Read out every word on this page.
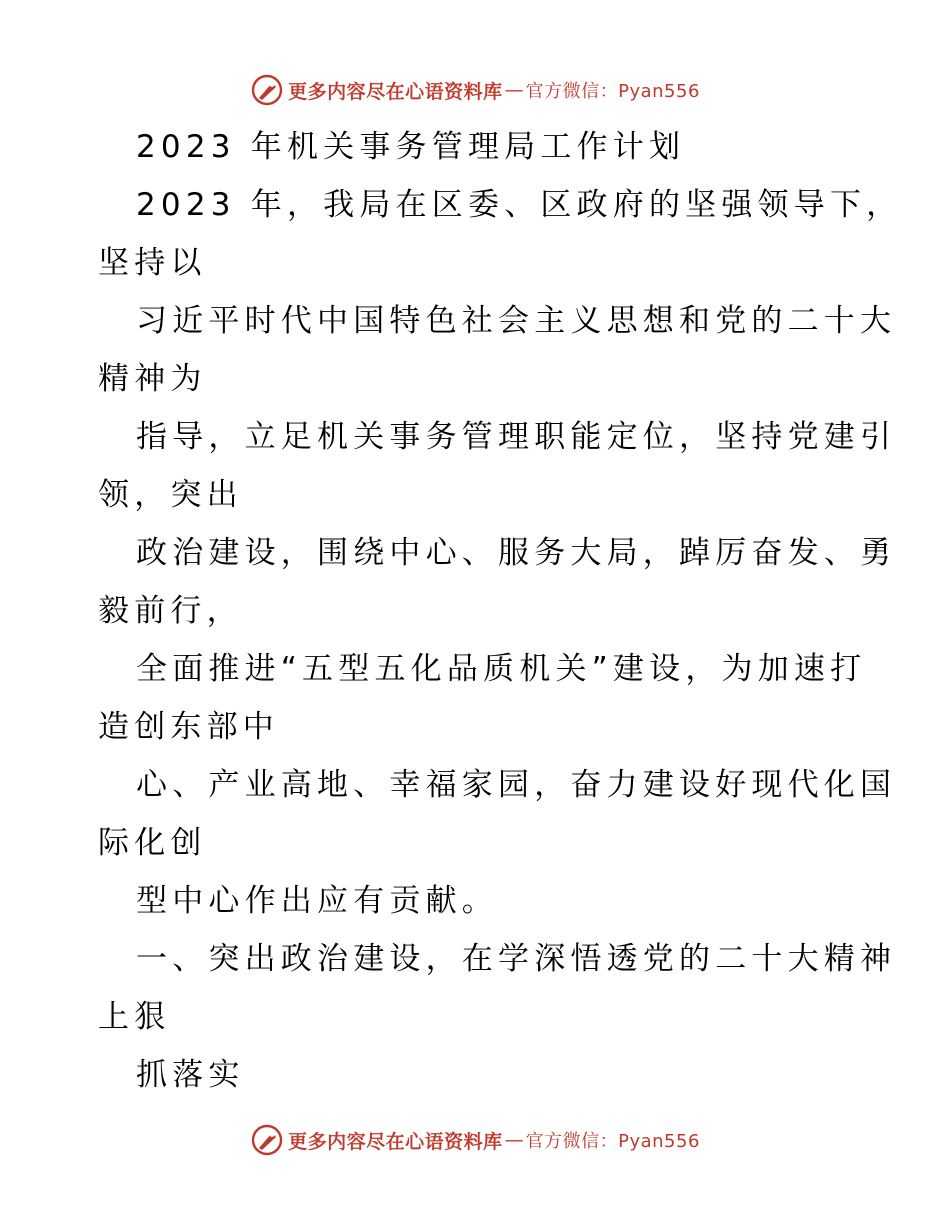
更多内容尽在心语资料库 — 官方微信：Pyan556
2023 年机关事务管理局工作计划
2023 年，我局在区委、区政府的坚强领导下，
坚持以
习近平时代中国特色社会主义思想和党的二十大
精神为
指导，立足机关事务管理职能定位，坚持党建引
领，突出
政治建设，围绕中心、服务大局，踔厉奋发、勇
毅前行，
全面推进“五型五化品质机关”建设，为加速打
造创东部中
心、产业高地、幸福家园，奋力建设好现代化国
际化创
型中心作出应有贡献。
一、突出政治建设，在学深悟透党的二十大精神
上狠
抓落实
更多内容尽在心语资料库 — 官方微信：Pyan556
